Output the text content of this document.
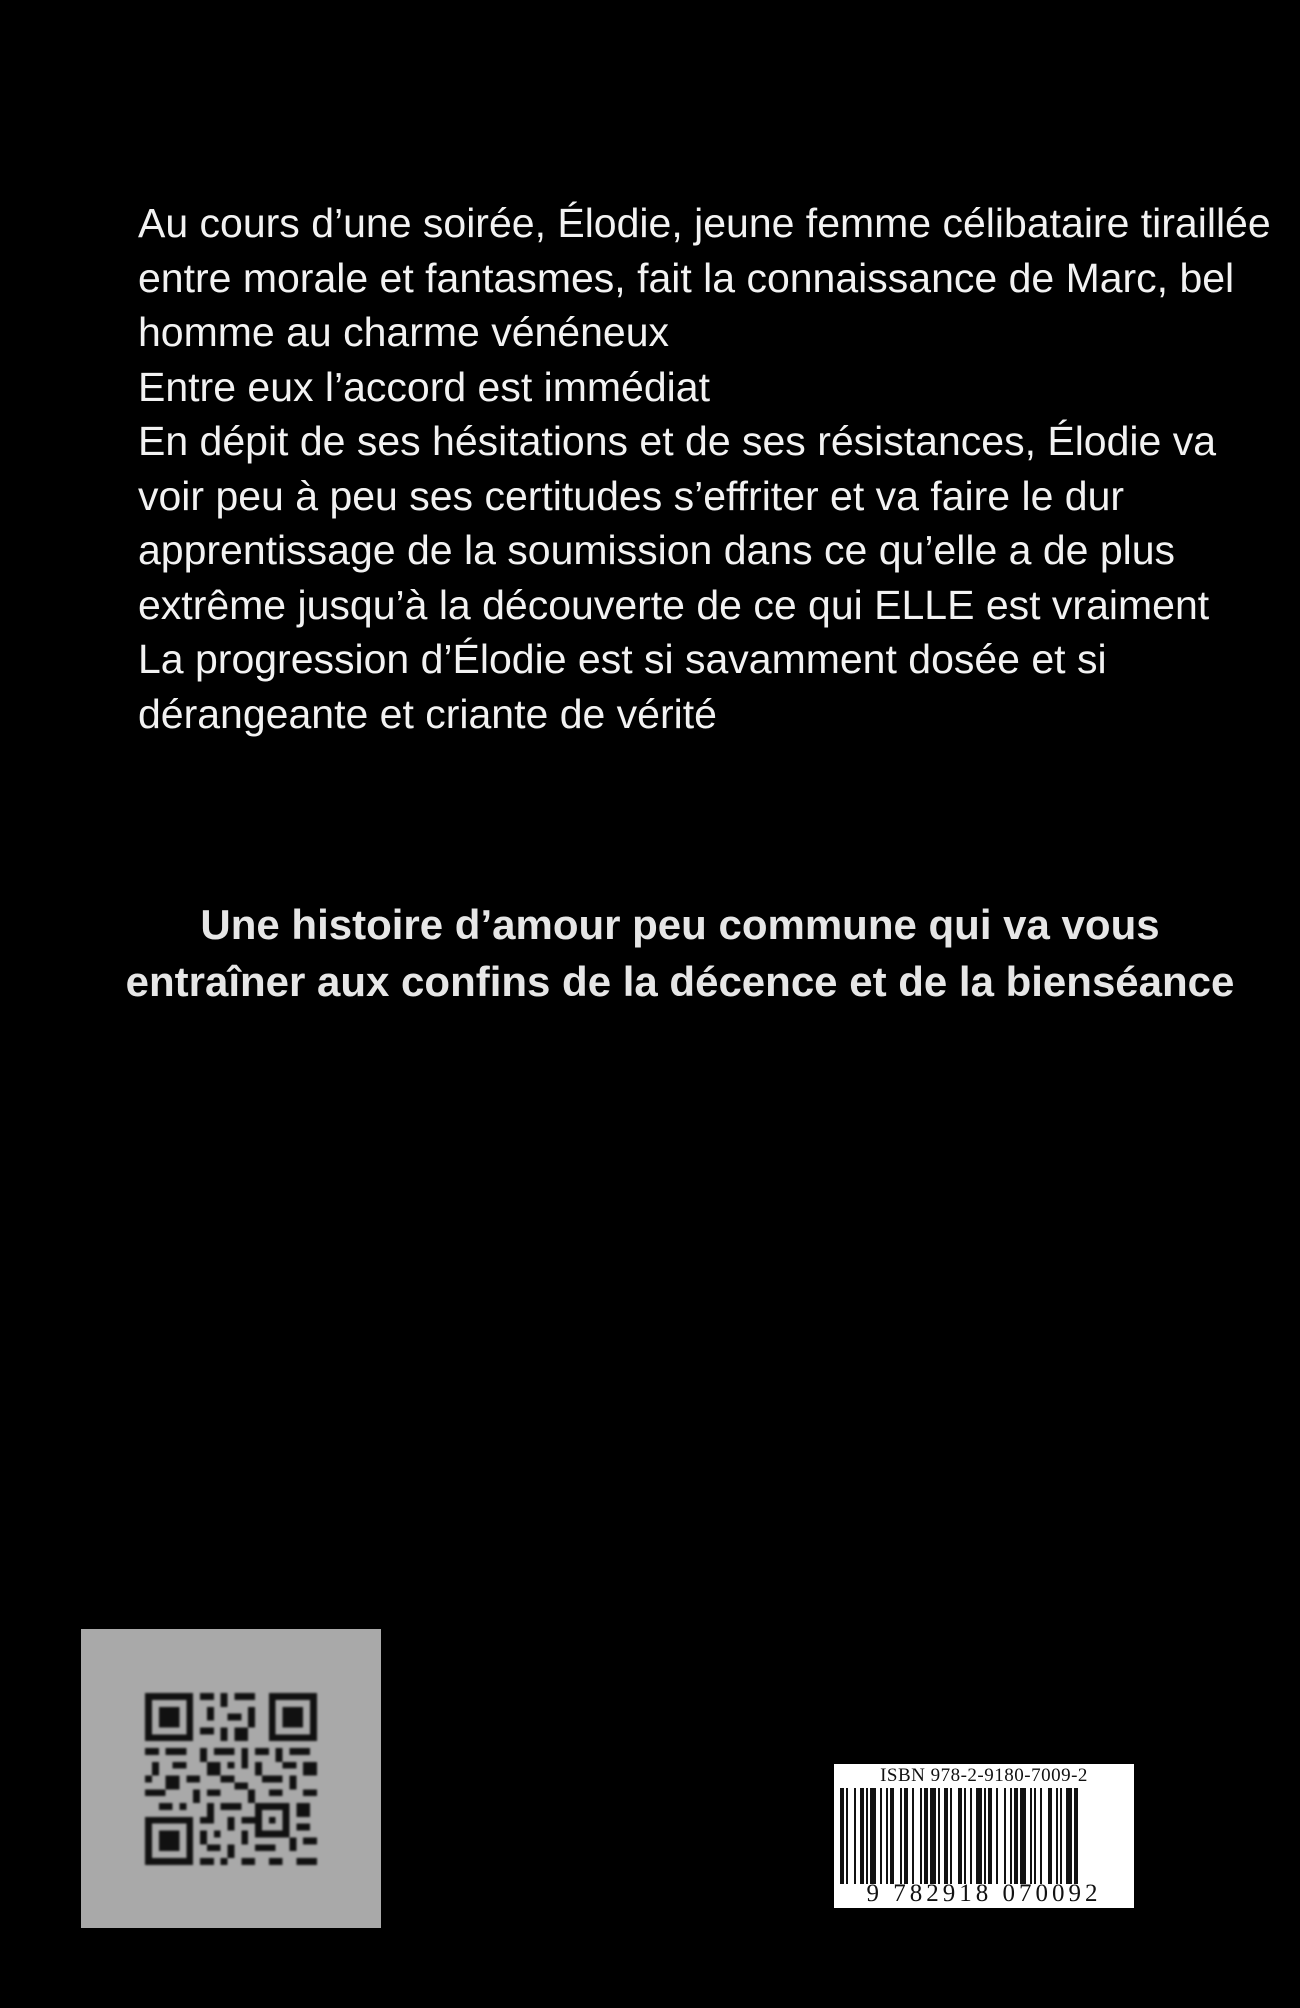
Au cours d’une soirée, Élodie, jeune femme célibataire tiraillée entre morale et fantasmes, fait la connaissance de Marc, bel homme au charme vénéneux

Entre eux l’accord est immédiat

En dépit de ses hésitations et de ses résistances, Élodie va voir peu à peu ses certitudes s’effriter et va faire le dur apprentissage de la soumission dans ce qu’elle a de plus extrême jusqu’à la découverte de ce qui ELLE est vraiment

La progression d’Élodie est si savamment dosée et si dérangeante et criante de vérité

Une histoire d’amour peu commune qui va vous entraîner aux confins de la décence et de la bienséance
ISBN 978-2-9180-7009-2
9 782918 070092
